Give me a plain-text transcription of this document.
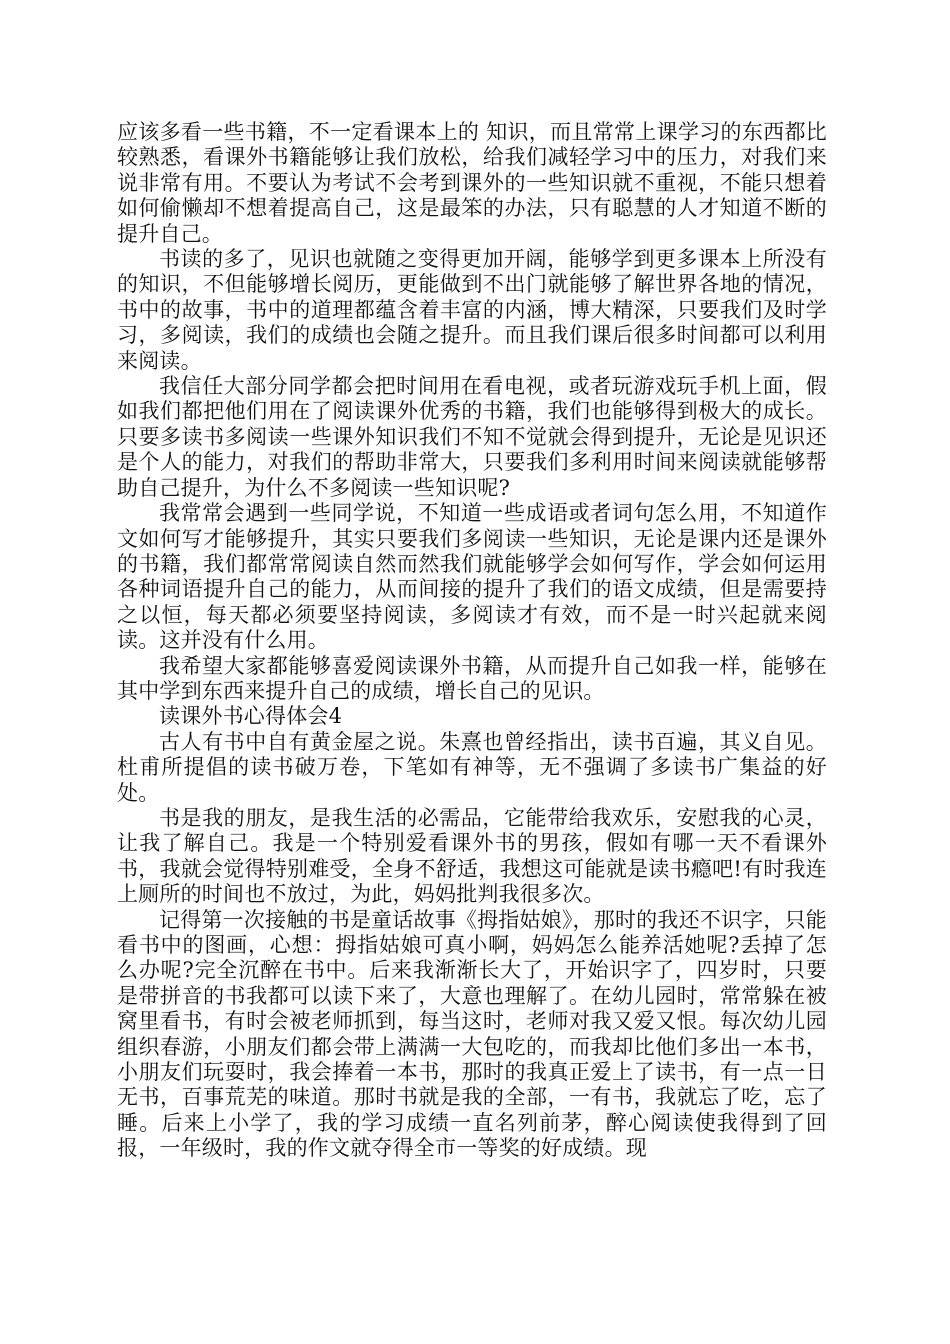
应该多看一些书籍，不一定看课本上的 知识，而且常常上课学习的东西都比较熟悉，看课外书籍能够让我们放松，给我们减轻学习中的压力，对我们来说非常有用。不要认为考试不会考到课外的一些知识就不重视，不能只想着如何偷懒却不想着提高自己，这是最笨的办法，只有聪慧的人才知道不断的提升自己。

书读的多了，见识也就随之变得更加开阔，能够学到更多课本上所没有的知识，不但能够增长阅历，更能做到不出门就能够了解世界各地的情况，书中的故事，书中的道理都蕴含着丰富的内涵，博大精深，只要我们及时学习，多阅读，我们的成绩也会随之提升。而且我们课后很多时间都可以利用来阅读。

我信任大部分同学都会把时间用在看电视，或者玩游戏玩手机上面，假如我们都把他们用在了阅读课外优秀的书籍，我们也能够得到极大的成长。只要多读书多阅读一些课外知识我们不知不觉就会得到提升，无论是见识还是个人的能力，对我们的帮助非常大，只要我们多利用时间来阅读就能够帮助自己提升，为什么不多阅读一些知识呢?

我常常会遇到一些同学说，不知道一些成语或者词句怎么用，不知道作文如何写才能够提升，其实只要我们多阅读一些知识，无论是课内还是课外的书籍，我们都常常阅读自然而然我们就能够学会如何写作，学会如何运用各种词语提升自己的能力，从而间接的提升了我们的语文成绩，但是需要持之以恒，每天都必须要坚持阅读，多阅读才有效，而不是一时兴起就来阅读。这并没有什么用。

我希望大家都能够喜爱阅读课外书籍，从而提升自己如我一样，能够在其中学到东西来提升自己的成绩，增长自己的见识。

读课外书心得体会4

古人有书中自有黄金屋之说。朱熹也曾经指出，读书百遍，其义自见。杜甫所提倡的读书破万卷，下笔如有神等，无不强调了多读书广集益的好处。

书是我的朋友，是我生活的必需品，它能带给我欢乐，安慰我的心灵，让我了解自己。我是一个特别爱看课外书的男孩，假如有哪一天不看课外书，我就会觉得特别难受，全身不舒适，我想这可能就是读书瘾吧!有时我连上厕所的时间也不放过，为此，妈妈批判我很多次。

记得第一次接触的书是童话故事《拇指姑娘》，那时的我还不识字，只能看书中的图画，心想：拇指姑娘可真小啊，妈妈怎么能养活她呢?丢掉了怎么办呢?完全沉醉在书中。后来我渐渐长大了，开始识字了，四岁时，只要是带拼音的书我都可以读下来了，大意也理解了。在幼儿园时，常常躲在被窝里看书，有时会被老师抓到，每当这时，老师对我又爱又恨。每次幼儿园组织春游，小朋友们都会带上满满一大包吃的，而我却比他们多出一本书，小朋友们玩耍时，我会捧着一本书，那时的我真正爱上了读书，有一点一日无书，百事荒芜的味道。那时书就是我的全部，一有书，我就忘了吃，忘了睡。后来上小学了，我的学习成绩一直名列前茅，醉心阅读使我得到了回报，一年级时，我的作文就夺得全市一等奖的好成绩。现
